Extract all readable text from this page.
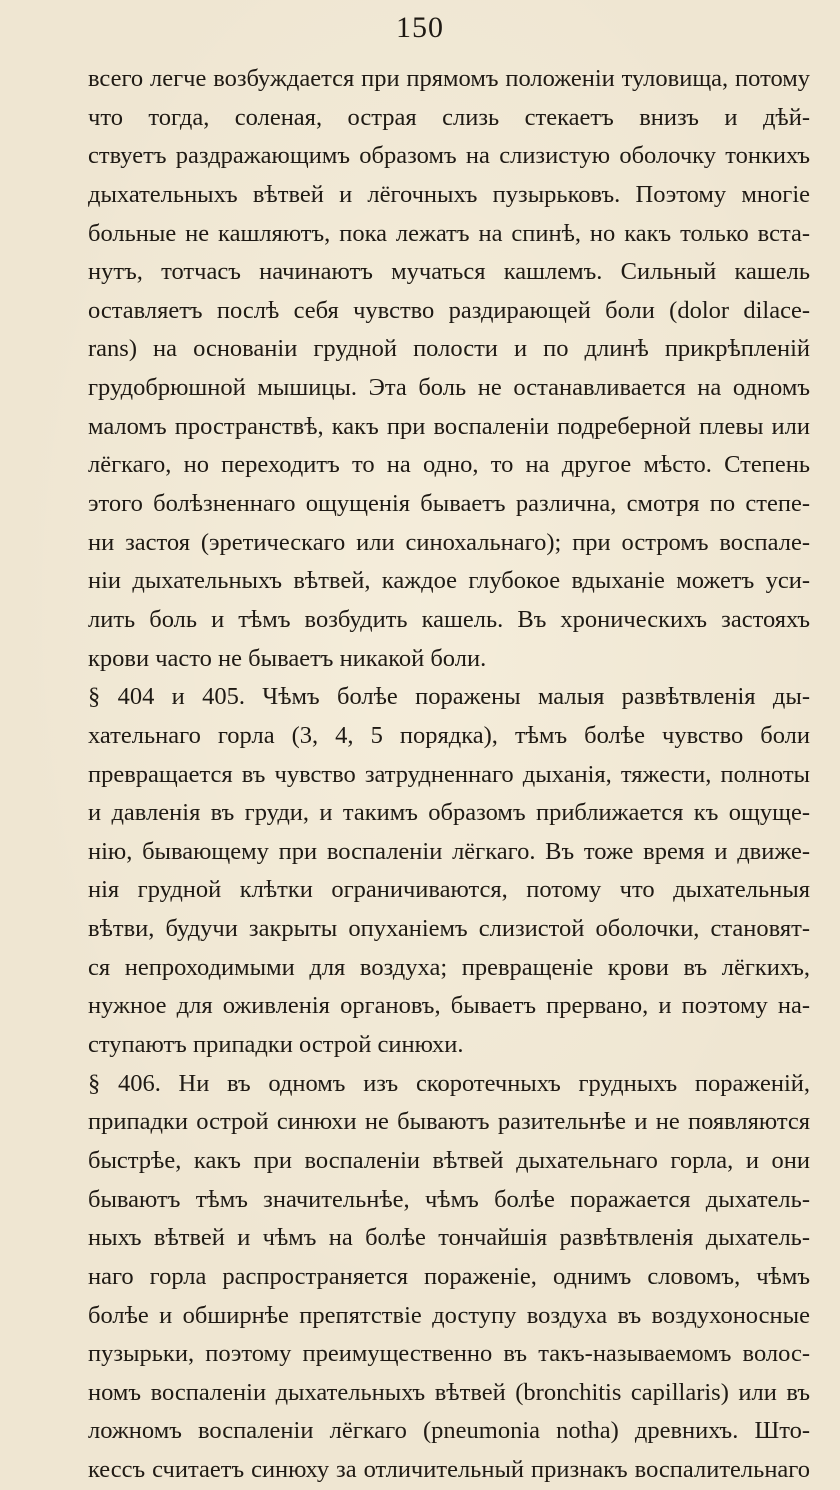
150
всего легче возбуждается при прямомъ положенiи туловища, потому
что тогда, соленая, острая слизь стекаетъ внизъ и дѣй-
ствуетъ раздражающимъ образомъ на слизистую оболочку тонкихъ
дыхательныхъ вѣтвей и лёгочныхъ пузырьковъ. Поэтому многiе
больные не кашляютъ, пока лежатъ на спинѣ, но какъ только вста-
нутъ, тотчасъ начинаютъ мучаться кашлемъ. Сильный кашель
оставляетъ послѣ себя чувство раздирающей боли (dolor dilace-
rans) на основанiи грудной полости и по длинѣ прикрѣпленiй
грудобрюшной мышицы. Эта боль не останавливается на одномъ
маломъ пространствѣ, какъ при воспаленiи подреберной плевы или
лёгкаго, но переходитъ то на одно, то на другое мѣсто. Степень
этого болѣзненнаго ощущенiя бываетъ различна, смотря по степе-
ни застоя (эретическаго или синохальнаго); при остромъ воспале-
нiи дыхательныхъ вѣтвей, каждое глубокое вдыханiе можетъ уси-
лить боль и тѣмъ возбудить кашель. Въ хроническихъ застояхъ
крови часто не бываетъ никакой боли.
§ 404 и 405. Чѣмъ болѣе поражены малыя развѣтвленiя ды-
хательнаго горла (3, 4, 5 порядка), тѣмъ болѣе чувство боли
превращается въ чувство затрудненнаго дыханiя, тяжести, полноты
и давленiя въ груди, и такимъ образомъ приближается къ ощуще-
нiю, бывающему при воспаленiи лёгкаго. Въ тоже время и движе-
нiя грудной клѣтки ограничиваются, потому что дыхательныя
вѣтви, будучи закрыты опуханiемъ слизистой оболочки, становят-
ся непроходимыми для воздуха; превращенiе крови въ лёгкихъ,
нужное для оживленiя органовъ, бываетъ прервано, и поэтому на-
ступаютъ припадки острой синюхи.
§ 406. Ни въ одномъ изъ скоротечныхъ грудныхъ пораженiй,
припадки острой синюхи не бываютъ разительнѣе и не появляются
быстрѣе, какъ при воспаленiи вѣтвей дыхательнаго горла, и они
бываютъ тѣмъ значительнѣе, чѣмъ болѣе поражается дыхатель-
ныхъ вѣтвей и чѣмъ на болѣе тончайшiя развѣтвленiя дыхатель-
наго горла распространяется пораженiе, однимъ словомъ, чѣмъ
болѣе и обширнѣе препятствiе доступу воздуха въ воздухоносные
пузырьки, поэтому преимущественно въ такъ-называемомъ волос-
номъ воспаленiи дыхательныхъ вѣтвей (bronchitis capillaris) или въ
ложномъ воспаленiи лёгкаго (pneumonia notha) древнихъ. Што-
кессъ считаетъ синюху за отличительный признакъ воспалительнаго
